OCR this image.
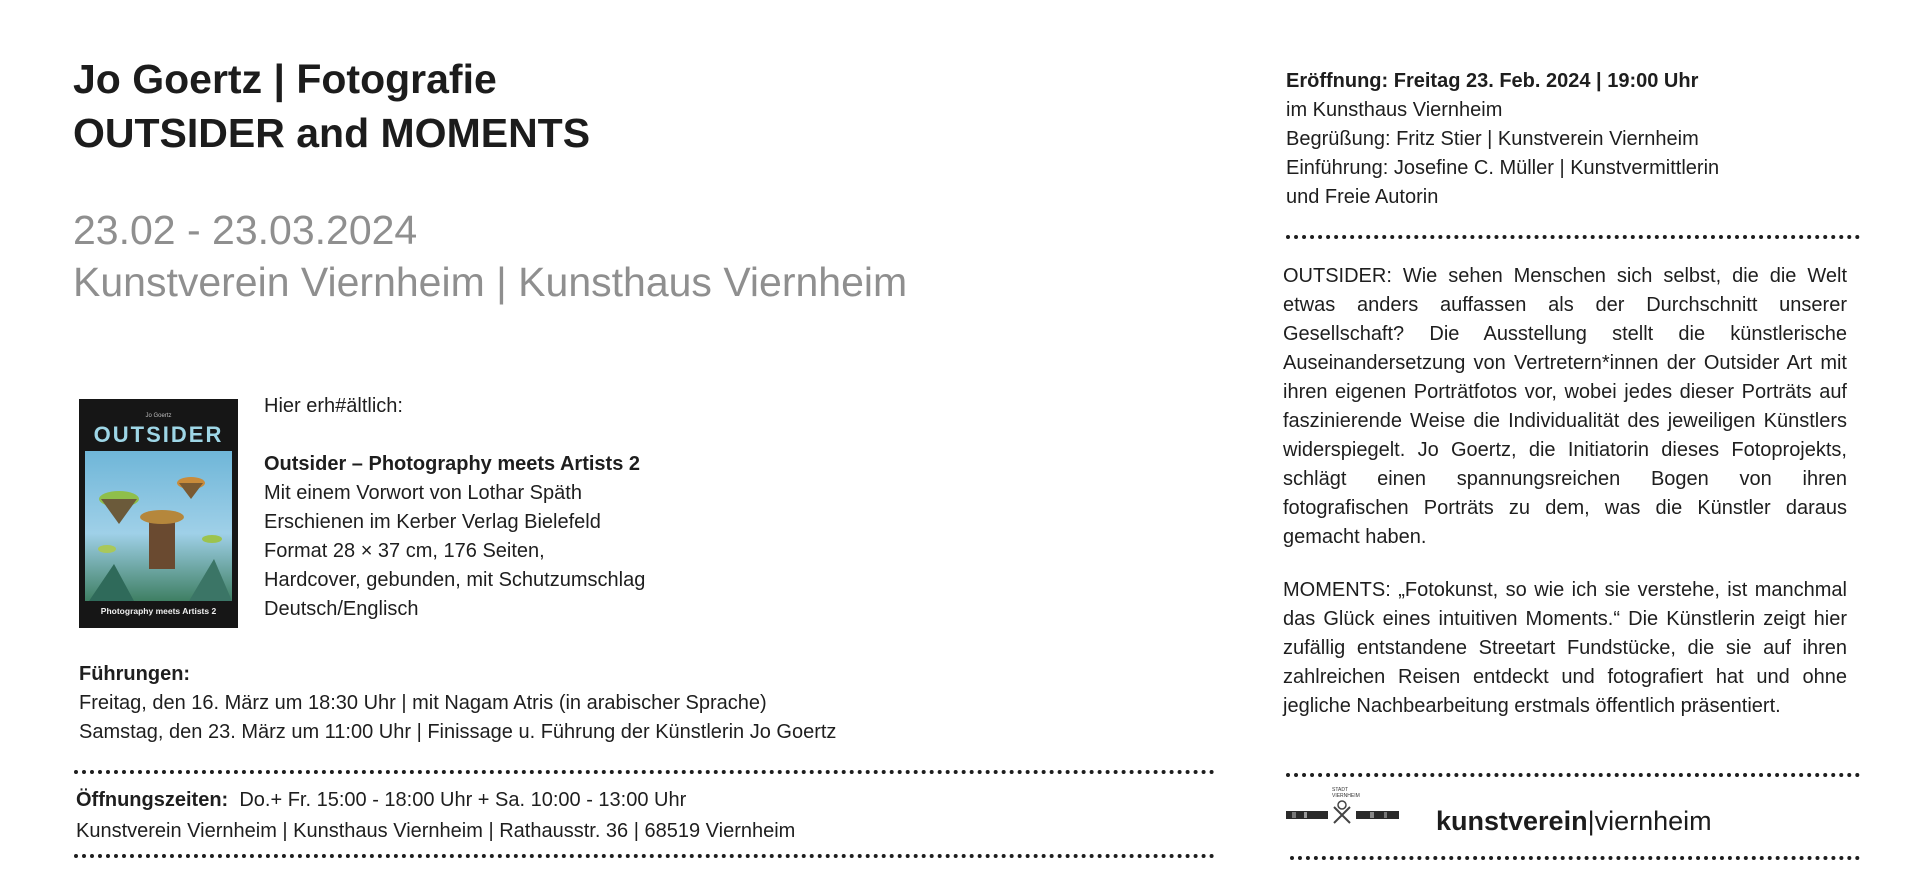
Jo Goertz | Fotografie
OUTSIDER and MOMENTS
23.02 - 23.03.2024
Kunstverein Viernheim | Kunsthaus Viernheim
Jo Goertz
OUTSIDER
Photography meets Artists 2
Hier erh#ältlich:
Outsider – Photography meets Artists 2
Mit einem Vorwort von Lothar Späth
Erschienen im Kerber Verlag Bielefeld
Format 28 × 37 cm, 176 Seiten,
Hardcover, gebunden, mit Schutzumschlag
Deutsch/Englisch
Führungen:
Freitag, den 16. März um 18:30 Uhr | mit Nagam Atris (in arabischer Sprache)
Samstag, den 23. März um 11:00 Uhr | Finissage u. Führung der Künstlerin Jo Goertz
Öffnungszeiten: Do.+ Fr. 15:00 - 18:00 Uhr + Sa. 10:00 - 13:00 Uhr
Kunstverein Viernheim | Kunsthaus Viernheim | Rathausstr. 36 | 68519 Viernheim
Eröffnung: Freitag 23. Feb. 2024 | 19:00 Uhr
im Kunsthaus Viernheim
Begrüßung: Fritz Stier | Kunstverein Viernheim
Einführung: Josefine C. Müller | Kunstvermittlerin
und Freie Autorin
OUTSIDER: Wie sehen Menschen sich selbst, die die Welt etwas anders auffassen als der Durchschnitt unserer Gesellschaft? Die Ausstellung stellt die künstlerische Auseinandersetzung von Vertretern*innen der Outsider Art mit ihren eigenen Porträtfotos vor, wobei jedes dieser Porträts auf faszinierende Weise die Individualität des jeweiligen Künstlers widerspiegelt. Jo Goertz, die Initiatorin dieses Fotoprojekts, schlägt einen spannungsreichen Bogen von ihren fotografischen Porträts zu dem, was die Künstler daraus gemacht haben.
MOMENTS: „Fotokunst, so wie ich sie verstehe, ist manchmal das Glück eines intuitiven Moments.“ Die Künstlerin zeigt hier zufällig entstandene Streetart Fundstücke, die sie auf ihren zahlreichen Reisen entdeckt und fotografiert hat und ohne jegliche Nachbearbeitung erstmals öffentlich präsentiert.
STADT
VIERNHEIM
kunstverein|viernheim
